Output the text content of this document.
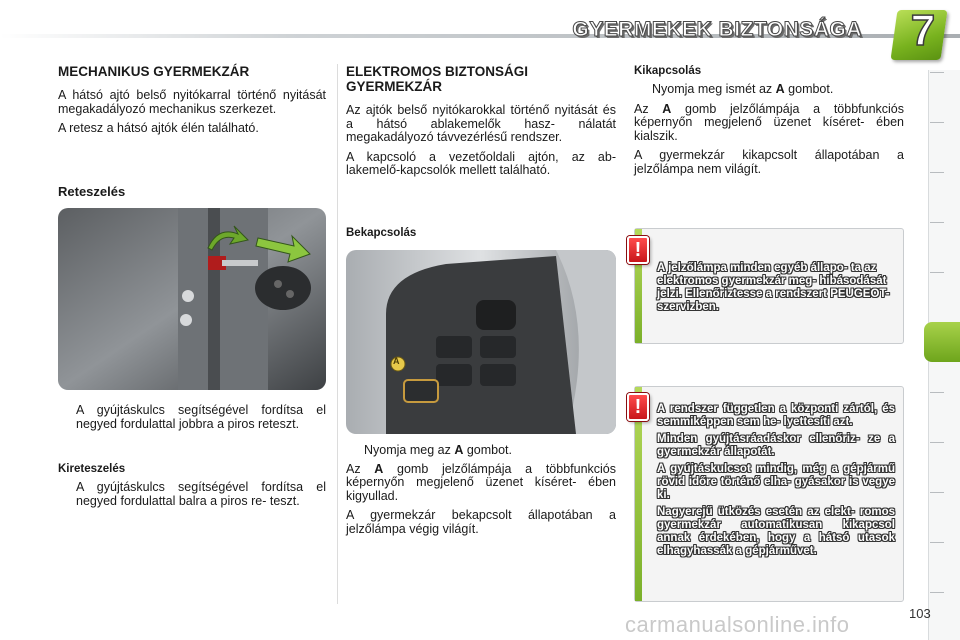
GYERMEKEK BIZTONSÁGA 7
MECHANIKUS GYERMEKZÁR

A hátsó ajtó belső nyitókarral történő nyitását megakadályozó mechanikus szerkezet.

A retesz a hátsó ajtók élén található.

Reteszelés
A gyújtáskulcs segítségével fordítsa el negyed fordulattal jobbra a piros reteszt.
Kireteszelés
A gyújtáskulcs segítségével fordítsa el negyed fordulattal balra a piros re- teszt.
ELEKTROMOS BIZTONSÁGI GYERMEKZÁR

Az ajtók belső nyitókarokkal történő nyitását és a hátsó ablakemelők hasz- nálatát megakadályozó távvezérlésű rendszer.

A kapcsoló a vezetőoldali ajtón, az ab- lakemelő-kapcsolók mellett található.

Bekapcsolás
A
Nyomja meg az A gombot.

Az A gomb jelzőlámpája a többfunkciós képernyőn megjelenő üzenet kíséret- ében kigyullad.

A gyermekzár bekapcsolt állapotában a jelzőlámpa végig világít.

Kikapcsolás
Nyomja meg ismét az A gombot.

Az A gomb jelzőlámpája a többfunkciós képernyőn megjelenő üzenet kíséret- ében kialszik.

A gyermekzár kikapcsolt állapotában a jelzőlámpa nem világít.

A jelzőlámpa minden egyéb állapo- ta az elektromos gyermekzár meg- hibásodását jelzi. Ellenőriztesse a rendszert PEUGEOT-szervizben.
!

A rendszer független a központi zártól, és semmiképpen sem he- lyettesíti azt.

Minden gyújtásráadáskor ellenőriz- ze a gyermekzár állapotát.

A gyújtáskulcsot mindig, még a gépjármű rövid időre történő elha- gyásakor is vegye ki.

Nagyerejű ütközés esetén az elekt- romos gyermekzár automatikusan kikapcsol annak érdekében, hogy a hátsó utasok elhagyhassák a gépjárművet.

!
103
carmanualsonline.info
